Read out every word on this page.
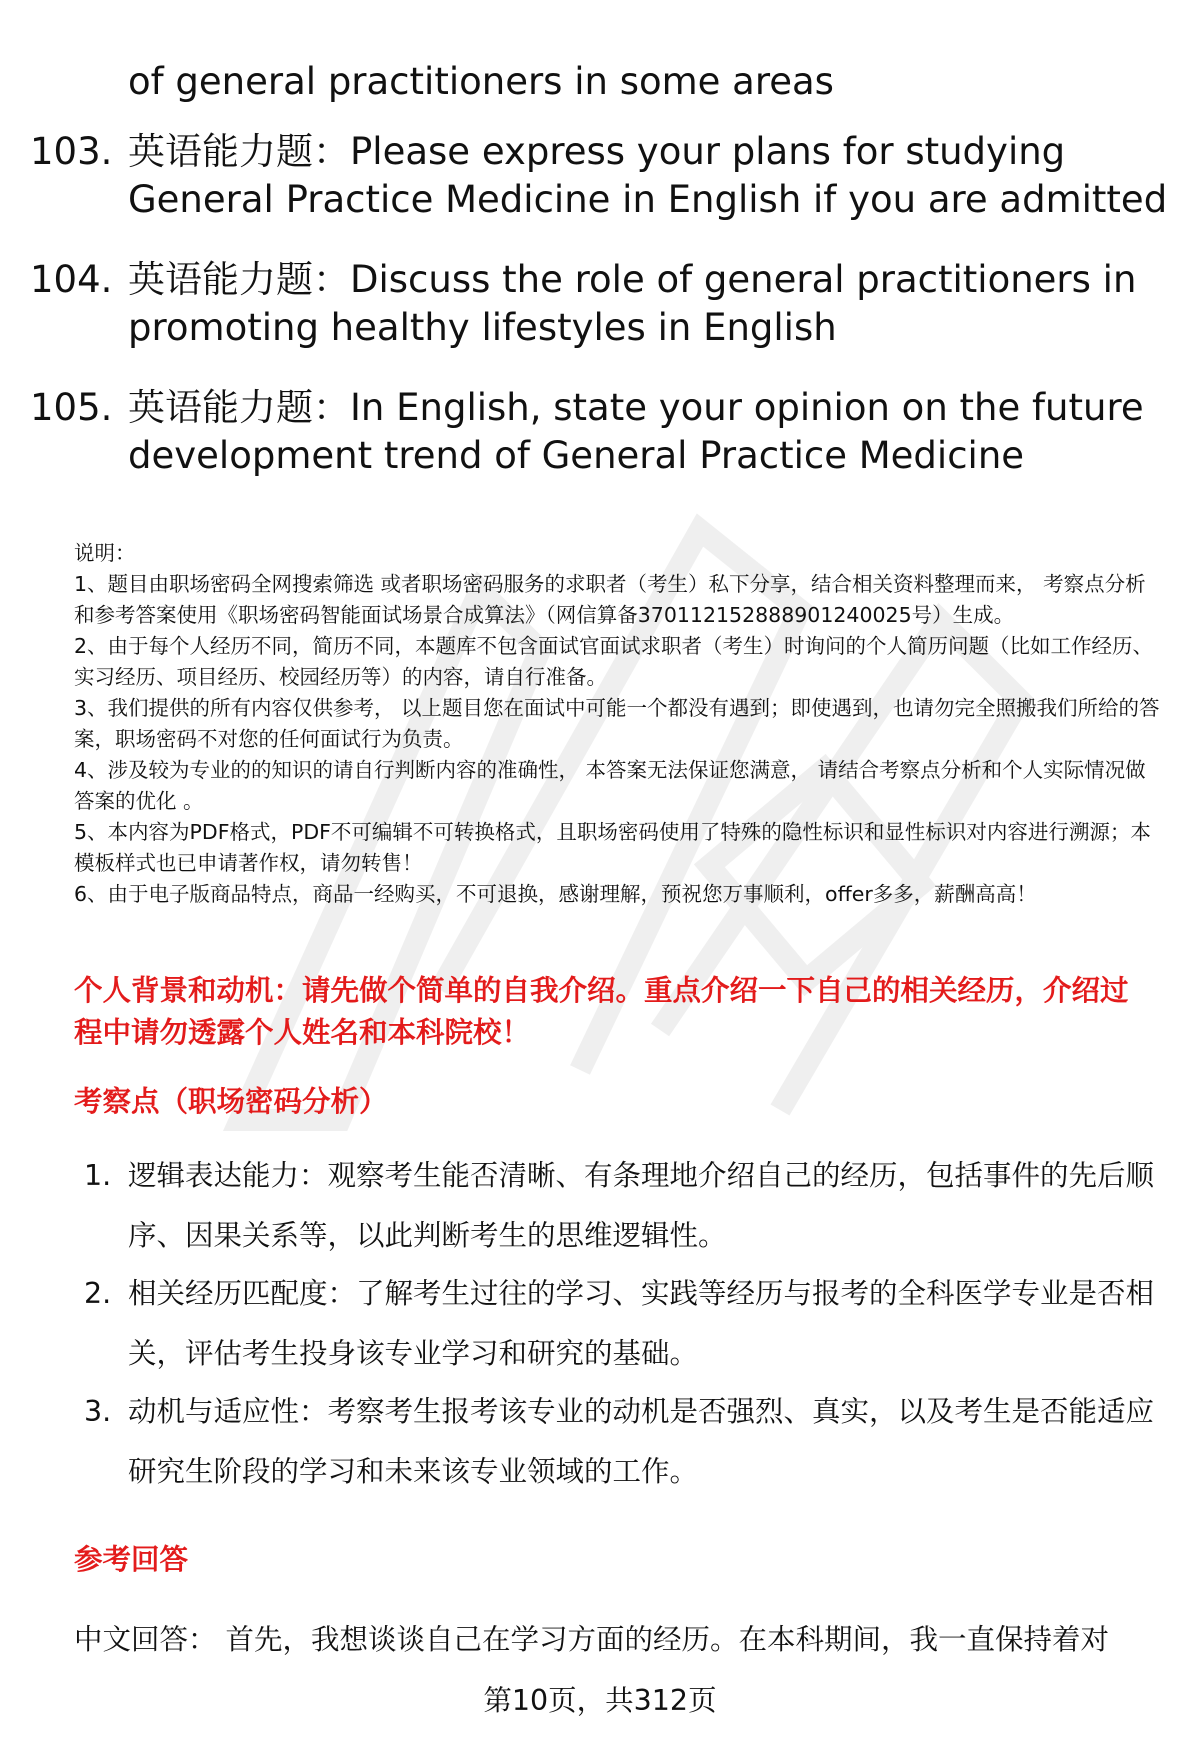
of general practitioners in some areas
103. 英语能力题：Please express your plans for studying General Practice Medicine in English if you are admitted
104. 英语能力题：Discuss the role of general practitioners in promoting healthy lifestyles in English
105. 英语能力题：In English, state your opinion on the future development trend of General Practice Medicine

说明：

1、题目由职场密码全网搜索筛选 或者职场密码服务的求职者（考生）私下分享，结合相关资料整理而来， 考察点分析和参考答案使用《职场密码智能面试场景合成算法》（网信算备370112152888901240025号）生成。

2、由于每个人经历不同，简历不同，本题库不包含面试官面试求职者（考生）时询问的个人简历问题（比如工作经历、实习经历、项目经历、校园经历等）的内容，请自行准备。

3、我们提供的所有内容仅供参考， 以上题目您在面试中可能一个都没有遇到；即使遇到，也请勿完全照搬我们所给的答案，职场密码不对您的任何面试行为负责。

4、涉及较为专业的的知识的请自行判断内容的准确性， 本答案无法保证您满意， 请结合考察点分析和个人实际情况做答案的优化 。

5、本内容为PDF格式，PDF不可编辑不可转换格式，且职场密码使用了特殊的隐性标识和显性标识对内容进行溯源；本模板样式也已申请著作权，请勿转售！

6、由于电子版商品特点，商品一经购买，不可退换，感谢理解，预祝您万事顺利，offer多多，薪酬高高！

个人背景和动机：请先做个简单的自我介绍。重点介绍一下自己的相关经历，介绍过程中请勿透露个人姓名和本科院校！
考察点（职场密码分析）
1. 逻辑表达能力：观察考生能否清晰、有条理地介绍自己的经历，包括事件的先后顺序、因果关系等，以此判断考生的思维逻辑性。
2. 相关经历匹配度：了解考生过往的学习、实践等经历与报考的全科医学专业是否相关，评估考生投身该专业学习和研究的基础。
3. 动机与适应性：考察考生报考该专业的动机是否强烈、真实，以及考生是否能适应研究生阶段的学习和未来该专业领域的工作。
参考回答
中文回答： 首先，我想谈谈自己在学习方面的经历。在本科期间，我一直保持着对
第10页，共312页
